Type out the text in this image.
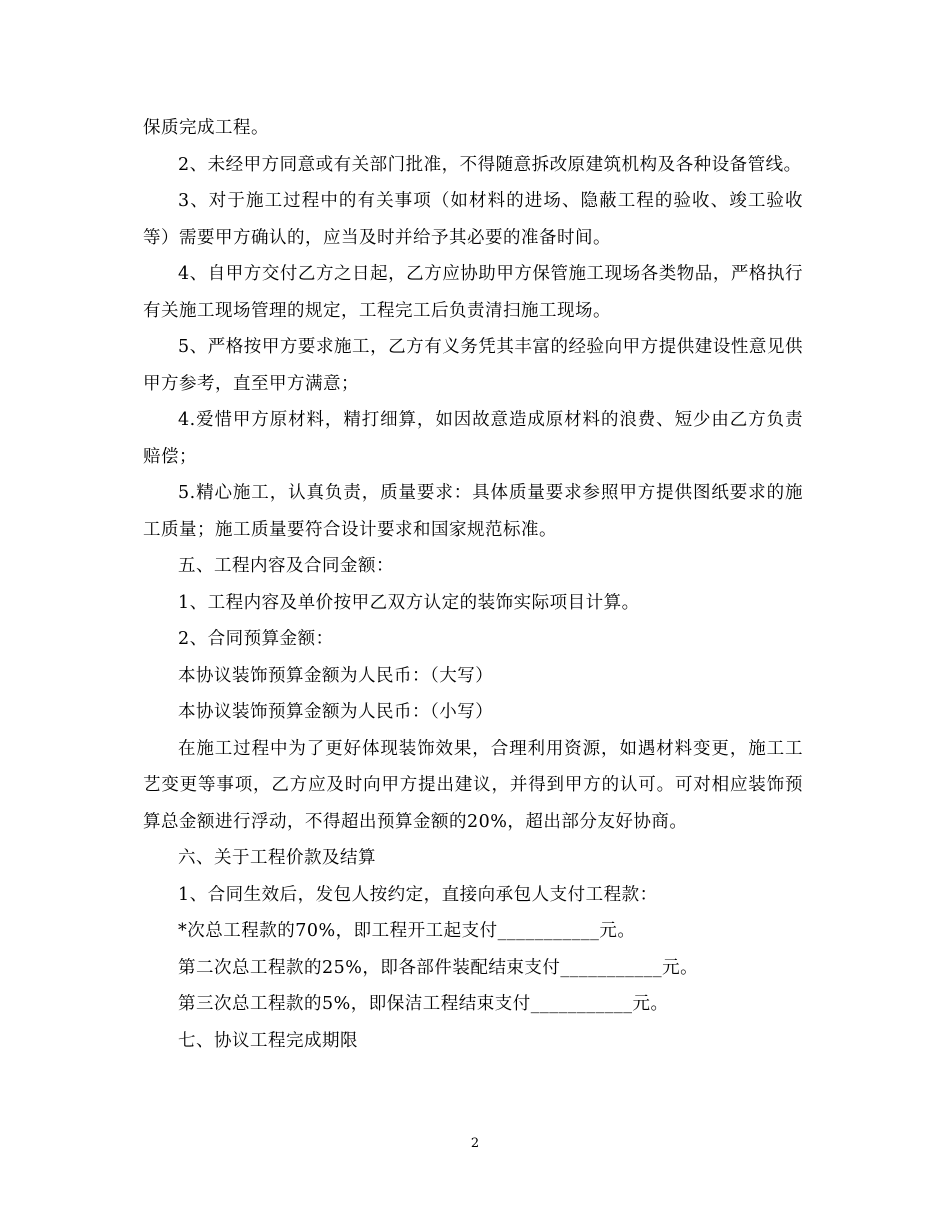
保质完成工程。

2、未经甲方同意或有关部门批准，不得随意拆改原建筑机构及各种设备管线。

3、对于施工过程中的有关事项（如材料的进场、隐蔽工程的验收、竣工验收等）需要甲方确认的，应当及时并给予其必要的准备时间。

4、自甲方交付乙方之日起，乙方应协助甲方保管施工现场各类物品，严格执行有关施工现场管理的规定，工程完工后负责清扫施工现场。

5、严格按甲方要求施工，乙方有义务凭其丰富的经验向甲方提供建设性意见供甲方参考，直至甲方满意；

4.爱惜甲方原材料，精打细算，如因故意造成原材料的浪费、短少由乙方负责赔偿；

5.精心施工，认真负责，质量要求：具体质量要求参照甲方提供图纸要求的施工质量；施工质量要符合设计要求和国家规范标准。

五、工程内容及合同金额：

1、工程内容及单价按甲乙双方认定的装饰实际项目计算。

2、合同预算金额：

本协议装饰预算金额为人民币：（大写）

本协议装饰预算金额为人民币：（小写）

在施工过程中为了更好体现装饰效果，合理利用资源，如遇材料变更，施工工艺变更等事项，乙方应及时向甲方提出建议，并得到甲方的认可。可对相应装饰预算总金额进行浮动，不得超出预算金额的20%，超出部分友好协商。

六、关于工程价款及结算

1、合同生效后，发包人按约定，直接向承包人支付工程款：

*次总工程款的70%，即工程开工起支付___________元。

第二次总工程款的25%，即各部件装配结束支付___________元。

第三次总工程款的5%，即保洁工程结束支付___________元。

七、协议工程完成期限

2
